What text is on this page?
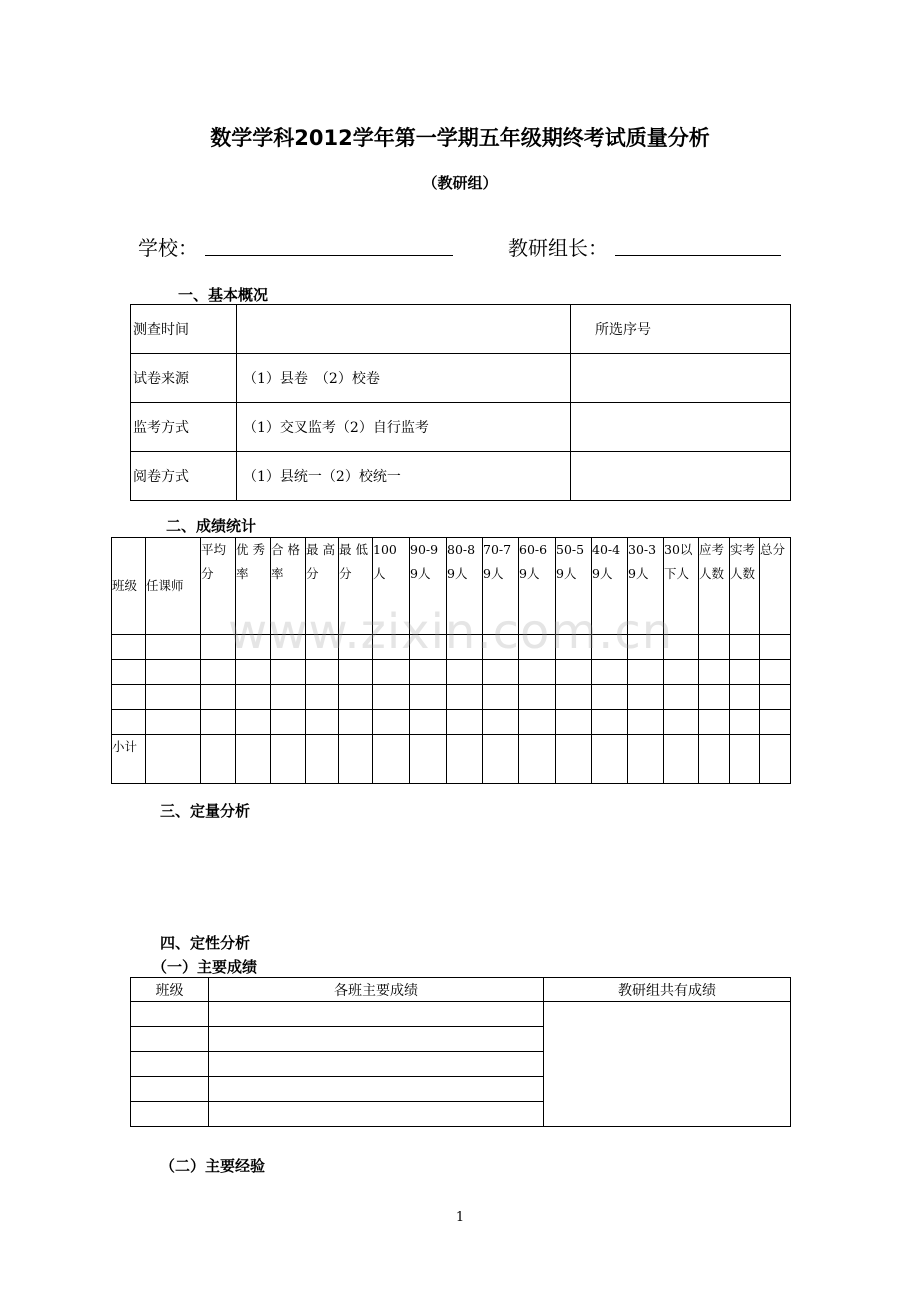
数学学科2012学年第一学期五年级期终考试质量分析
（教研组）
学校：	教研组长：
一、基本概况
测查时间		所选序号
试卷来源	（1）县卷　（2）校卷	
监考方式	（1）交叉监考（2）自行监考	
阅卷方式	（1）县统一（2）校统一	
二、成绩统计
班级	任课师	平均分	优 秀率	合 格率	最 高分	最 低分	100人	90-99人	80-89人	70-79人	60-69人	50-59人	40-49人	30-39人	30以下人	应考人数	实考人数	总分

小计																		
www.zixin.com.cn
三、定量分析
四、定性分析
（一）主要成绩
班级	各班主要成绩	教研组共有成绩

（二）主要经验
1
